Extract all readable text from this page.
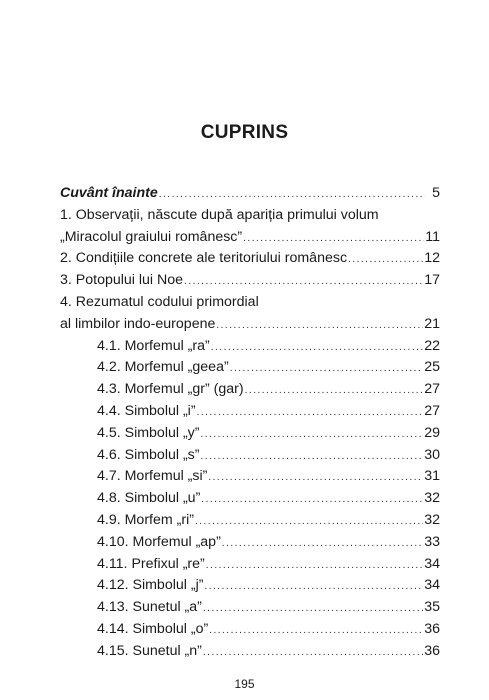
CUPRINS
Cuvânt înainte .....	5
1. Observații, născute după apariția primului volum
„Miracolul graiului românesc” .....	11
2. Condițiile concrete ale teritoriului românesc .....	12
3. Potopului lui Noe .....	17
4. Rezumatul codului primordial
al limbilor indo-europene .....	21
4.1. Morfemul „ra” .....	22
4.2. Morfemul „geea” .....	25
4.3. Morfemul „gr” (gar) .....	27
4.4. Simbolul „i” .....	27
4.5. Simbolul „y” .....	29
4.6. Simbolul „s” .....	30
4.7. Morfemul „si” .....	31
4.8. Simbolul „u” .....	32
4.9. Morfem „ri” .....	32
4.10. Morfemul „ap” .....	33
4.11. Prefixul „re” .....	34
4.12. Simbolul „j” .....	34
4.13. Sunetul „a” .....	35
4.14. Simbolul „o” .....	36
4.15. Sunetul „n” .....	36
195
